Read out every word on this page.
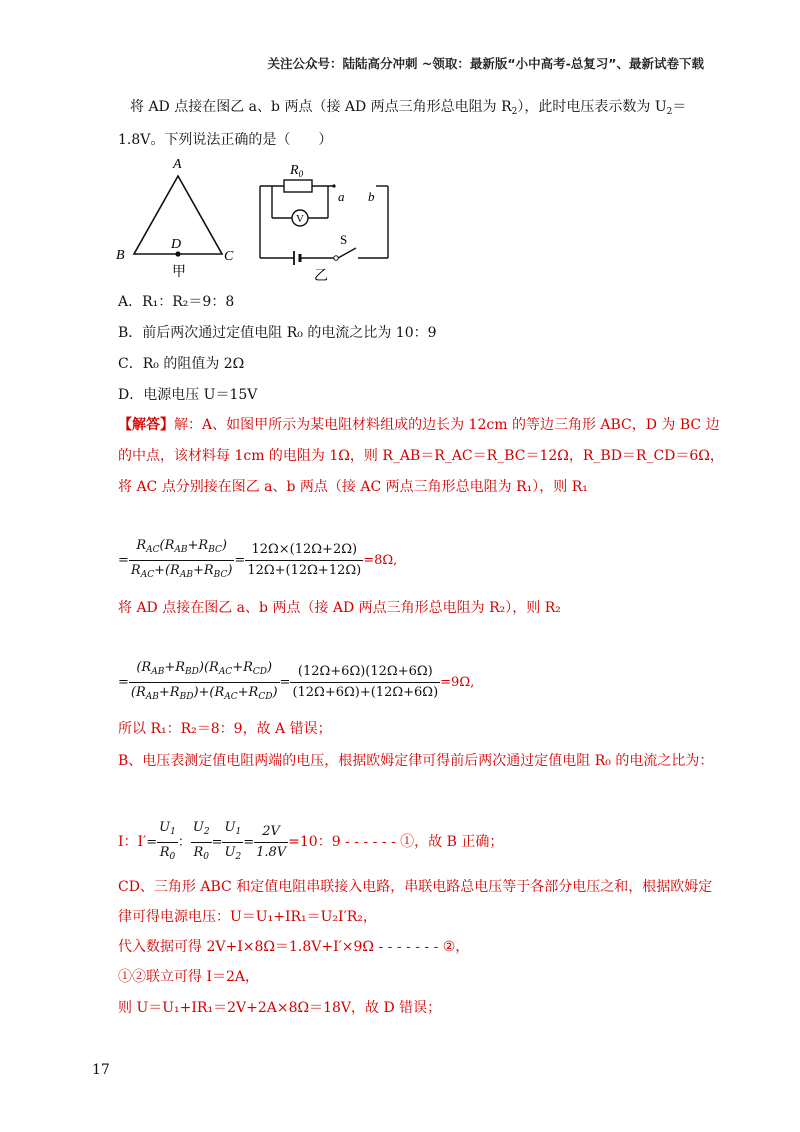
关注公众号：陆陆高分冲刺 ~领取：最新版“小中高考-总复习”、最新试卷下载
将 AD 点接在图乙 a、b 两点（接 AD 两点三角形总电阻为 $R_2$），此时电压表示数为 $U_2=$
1.8V。下列说法正确的是（　　）
A
B	C
D
甲
$R_0$
V
a b
S
乙
A．R₁：R₂＝9：8
B．前后两次通过定值电阻 R₀ 的电流之比为 10：9
C．R₀ 的阻值为 2Ω
D．电源电压 U＝15V
【解答】解：A、如图甲所示为某电阻材料组成的边长为 12cm 的等边三角形 ABC，D 为 BC 边
的中点，该材料每 1cm 的电阻为 1Ω，则 R_AB＝R_AC＝R_BC＝12Ω，R_BD＝R_CD＝6Ω，
将 AC 点分别接在图乙 a、b 两点（接 AC 两点三角形总电阻为 R₁），则 R₁
= $\frac{R_{AC}(R_{AB}+R_{BC})}{R_{AC}+(R_{AB}+R_{BC})} = \frac{12\Omega\times(12\Omega+2\Omega)}{12\Omega+(12\Omega+12\Omega)} =8\Omega$,
将 AD 点接在图乙 a、b 两点（接 AD 两点三角形总电阻为 R₂），则 R₂
= $\frac{(R_{AB}+R_{BD})(R_{AC}+R_{CD})}{(R_{AB}+R_{BD})+(R_{AC}+R_{CD})} = \frac{(12\Omega+6\Omega)(12\Omega+6\Omega)}{(12\Omega+6\Omega)+(12\Omega+6\Omega)} =9\Omega$,
所以 R₁：R₂＝8：9，故 A 错误；
B、电压表测定值电阻两端的电压，根据欧姆定律可得前后两次通过定值电阻 R₀ 的电流之比为：
I：$I'= \frac{U_1}{R_0}$ ： $\frac{U_2}{R_0} = \frac{U_1}{U_2} = \frac{2V}{1.8V} =10$：9 - - - - - - ①，故 B 正确；
CD、三角形 ABC 和定值电阻串联接入电路，串联电路总电压等于各部分电压之和，根据欧姆定
律可得电源电压：U＝U₁+IR₁＝U₂I′R₂，
代入数据可得 2V+I×8Ω＝1.8V+I′×9Ω - - - - - - - ②，
①②联立可得 I＝2A，
则 U＝U₁+IR₁＝2V+2A×8Ω＝18V，故 D 错误；
17
